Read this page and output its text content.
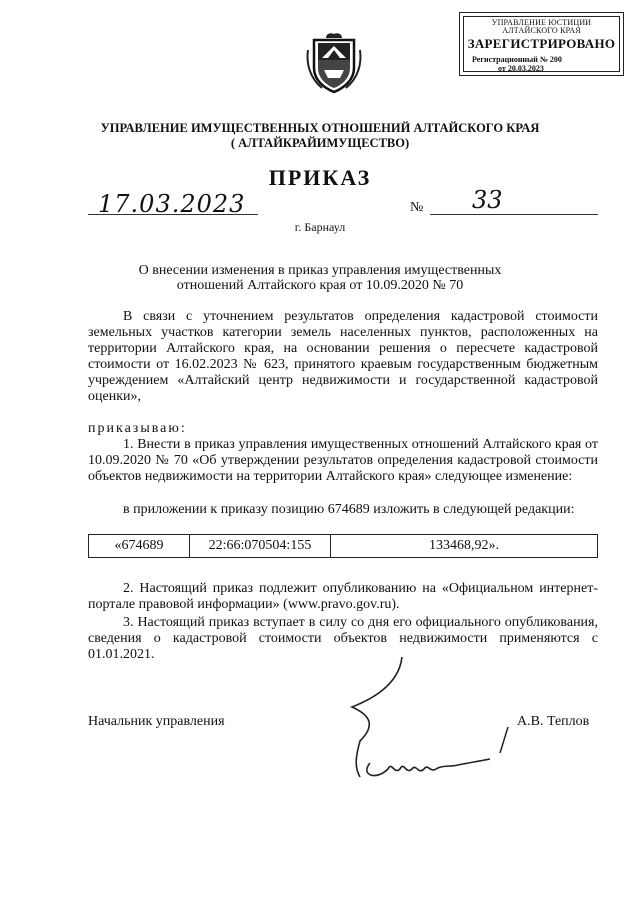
УПРАВЛЕНИЕ ЮСТИЦИИ АЛТАЙСКОГО КРАЯ
ЗАРЕГИСТРИРОВАНО
Регистрационный № 200
от 20.03.2023
УПРАВЛЕНИЕ ИМУЩЕСТВЕННЫХ ОТНОШЕНИЙ АЛТАЙСКОГО КРАЯ
( АЛТАЙКРАЙИМУЩЕСТВО)
ПРИКАЗ
17.03.2023	№ 33
г. Барнаул
О внесении изменения в приказ управления имущественных
отношений Алтайского края от 10.09.2020 № 70
В связи с уточнением результатов определения кадастровой стоимости земельных участков категории земель населенных пунктов, расположенных на территории Алтайского края, на основании решения о пересчете кадастровой стоимости от 16.02.2023 № 623, принятого краевым государственным бюджетным учреждением «Алтайский центр недвижимости и государственной кадастровой оценки»,
приказываю:
1. Внести в приказ управления имущественных отношений Алтайского края от 10.09.2020 № 70 «Об утверждении результатов определения кадастровой стоимости объектов недвижимости на территории Алтайского края» следующее изменение:
в приложении к приказу позицию 674689 изложить в следующей редакции:
«674689	22:66:070504:155	133468,92».
2. Настоящий приказ подлежит опубликованию на «Официальном интернет-портале правовой информации» (www.pravo.gov.ru).
3. Настоящий приказ вступает в силу со дня его официального опубликования, сведения о кадастровой стоимости объектов недвижимости применяются с 01.01.2021.
Начальник управления	А.В. Теплов
